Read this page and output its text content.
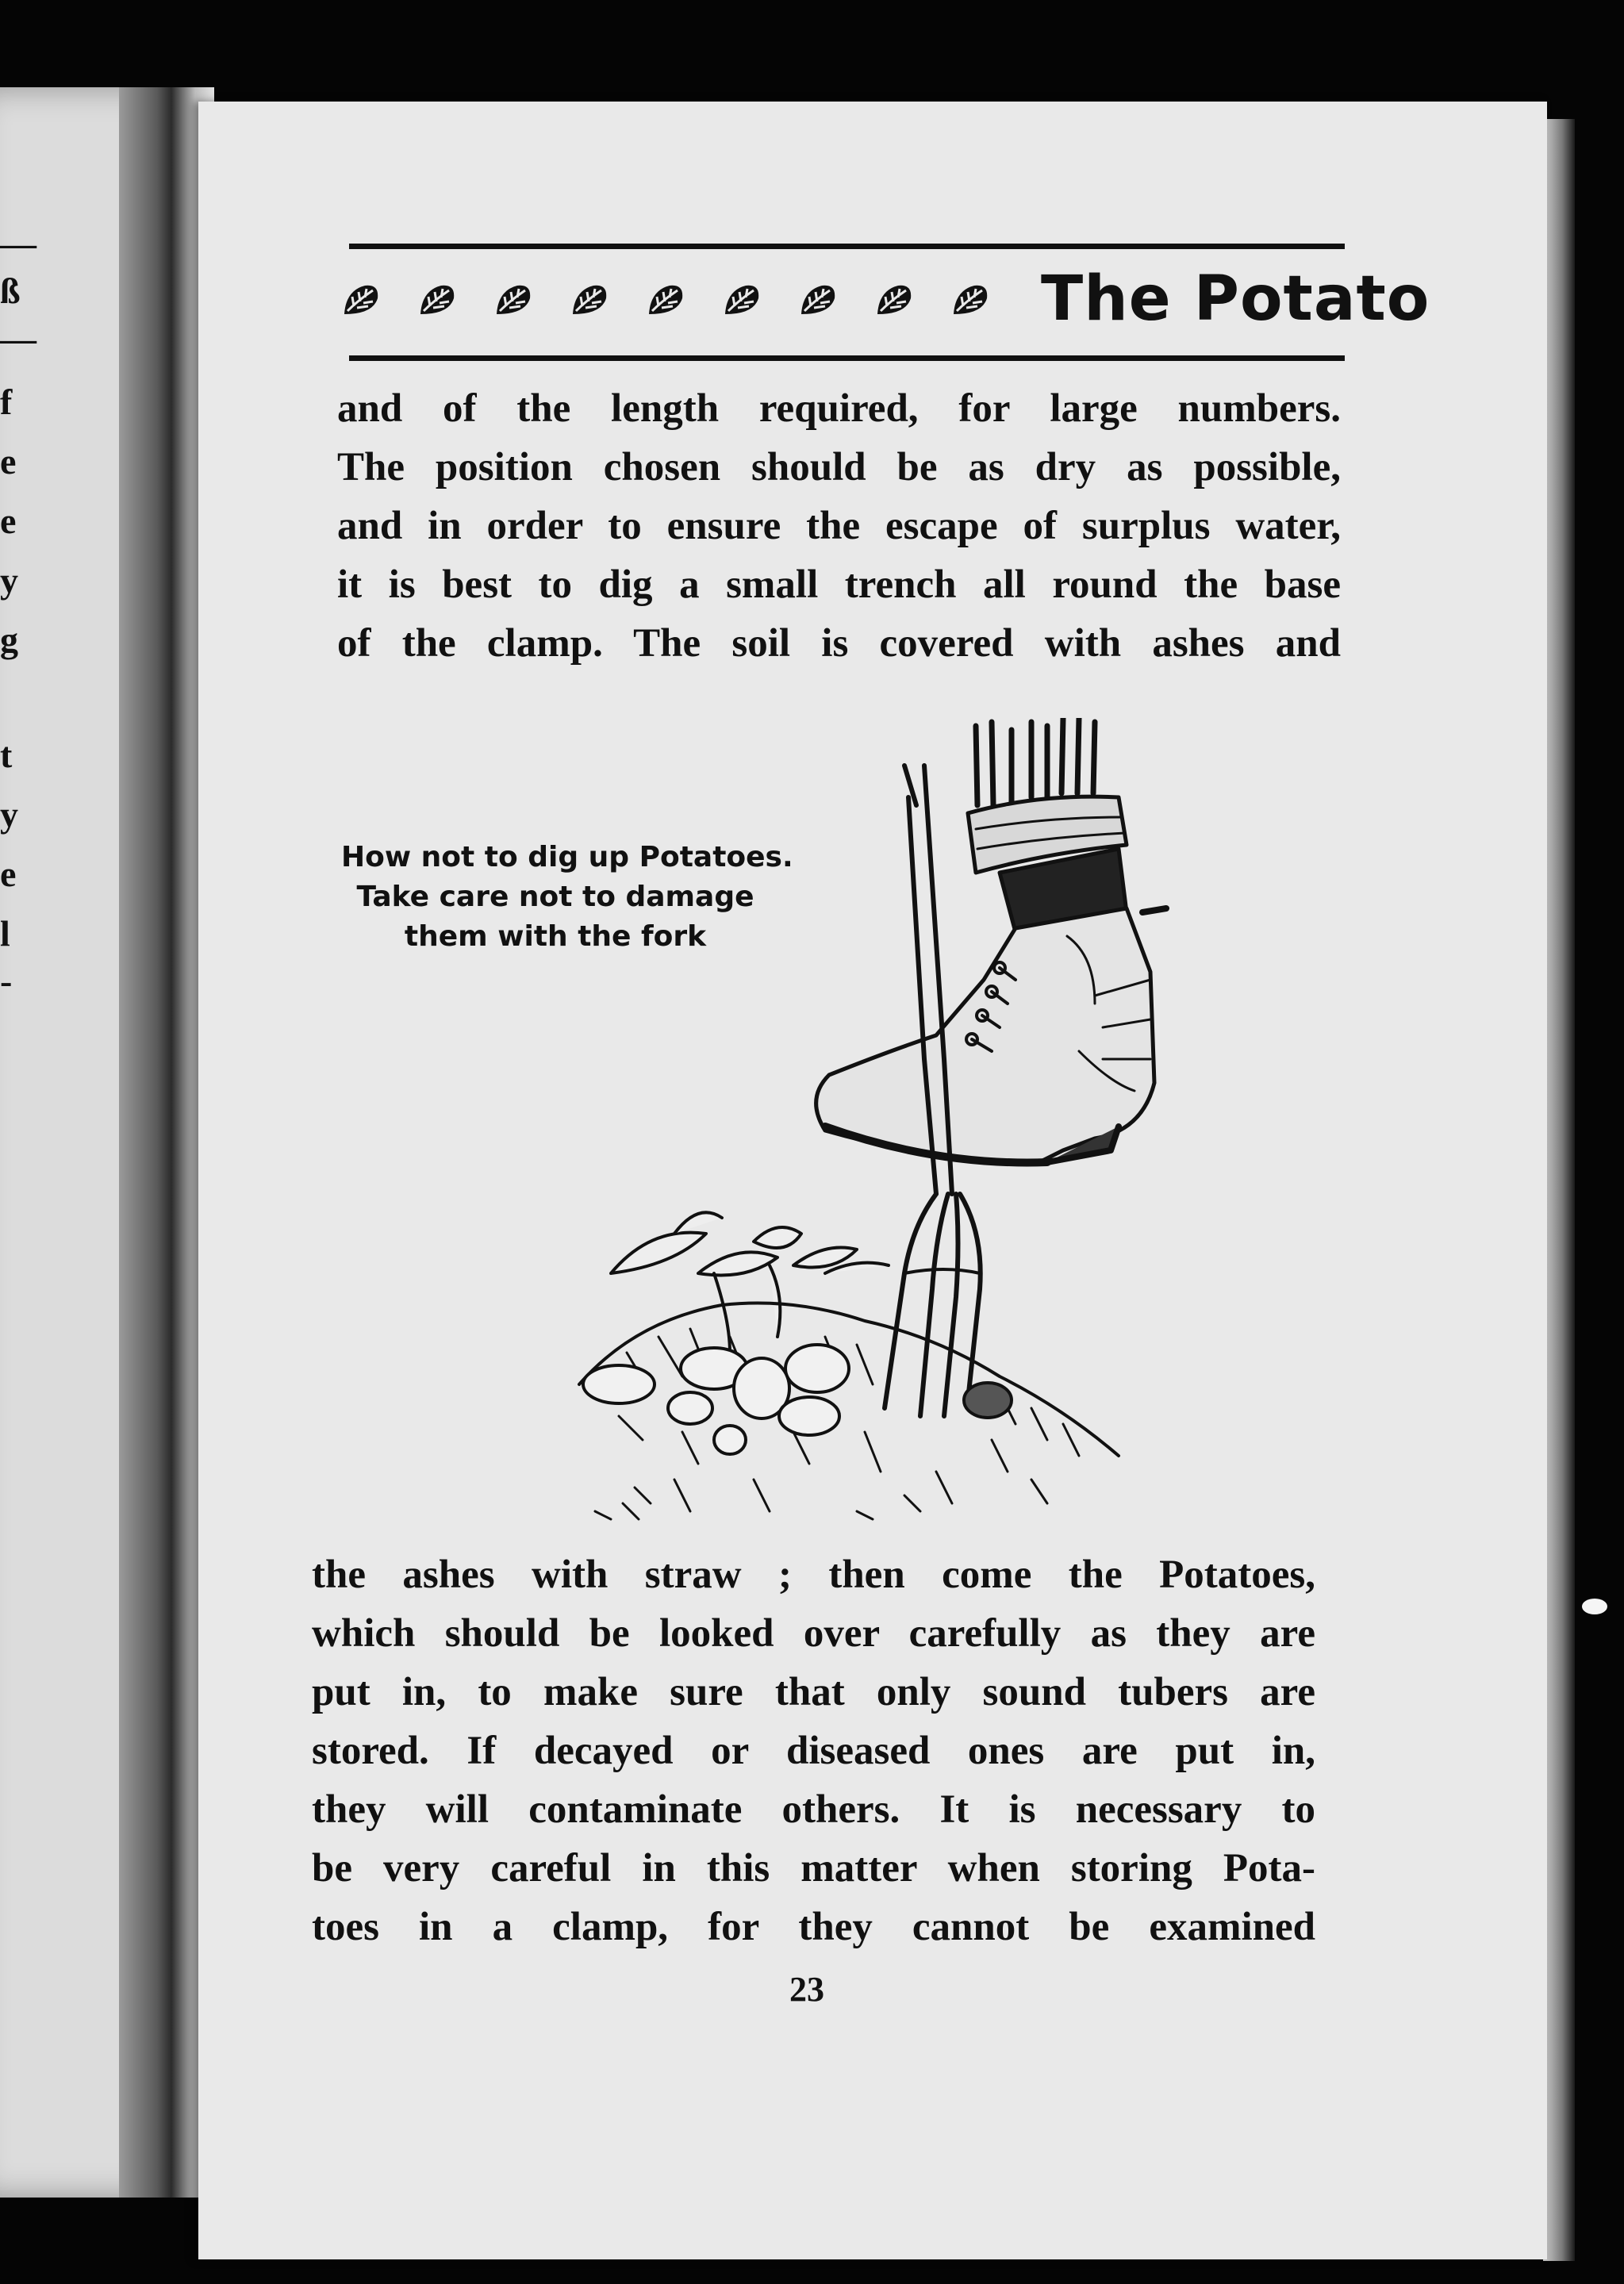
—
ß
—
f
e
e
y
g
t
y
e
l
-
The Potato
and of the length required, for large numbers.
The position chosen should be as dry as possible,
and in order to ensure the escape of surplus water,
it is best to dig a small trench all round the base
of the clamp. The soil is covered with ashes and
How not to dig up Potatoes.
Take care not to damage
them with the fork
the ashes with straw ; then come the Potatoes,
which should be looked over carefully as they are
put in, to make sure that only sound tubers are
stored. If decayed or diseased ones are put in,
they will contaminate others. It is necessary to
be very careful in this matter when storing Pota-
toes in a clamp, for they cannot be examined
23
